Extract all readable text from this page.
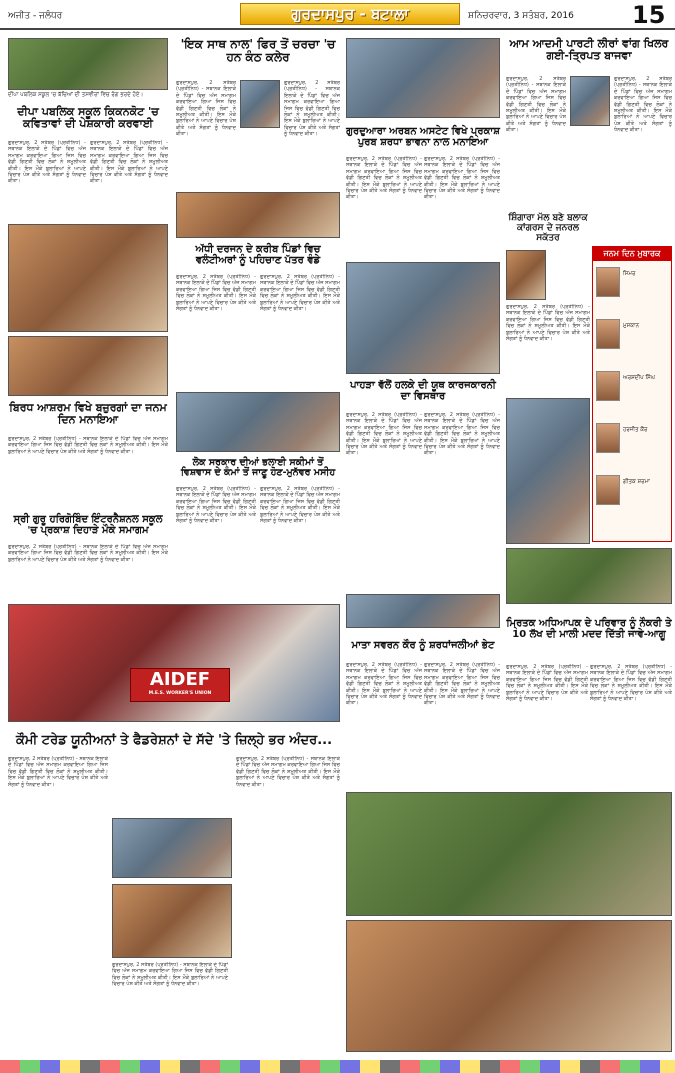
ਅਜੀਤ - ਜਲੰਧਰ	ਗੁਰਦਾਸਪੁਰ - ਬਟਾਲਾ	ਸ਼ਨਿਚਰਵਾਰ, 3 ਸਤੰਬਰ, 2016 15
ਦੀਪਾ ਪਬਲਿਕ ਸਕੂਲ 'ਚ ਬੱਚਿਆਂ ਦੀ ਤਸਵੀਰਾਂ ਵਿਚ ਰੰਗ ਭਰਦੇ ਹੋਏ।
ਦੀਪਾ ਪਬਲਿਕ ਸਕੂਲ ਕਿਕਨਕੋਟ 'ਚ ਕਵਿਤਾਵਾਂ ਦੀ ਪੇਸ਼ਕਾਰੀ ਕਰਵਾਈ
ਗੁਰਦਾਸਪੁਰ, 2 ਸਤੰਬਰ (ਪ੍ਰਤੀਨਿਧ) - ਸਥਾਨਕ ਇਲਾਕੇ ਦੇ ਪਿੰਡਾਂ ਵਿਚ ਅੱਜ ਸਮਾਗਮ ਕਰਵਾਇਆ ਗਿਆ ਜਿਸ ਵਿਚ ਵੱਡੀ ਗਿਣਤੀ ਵਿਚ ਲੋਕਾਂ ਨੇ ਸ਼ਮੂਲੀਅਤ ਕੀਤੀ। ਇਸ ਮੌਕੇ ਬੁਲਾਰਿਆਂ ਨੇ ਆਪਣੇ ਵਿਚਾਰ ਪੇਸ਼ ਕੀਤੇ ਅਤੇ ਸੰਗਤਾਂ ਨੂੰ ਧੰਨਵਾਦ ਕੀਤਾ।
ਗੁਰਦਾਸਪੁਰ, 2 ਸਤੰਬਰ (ਪ੍ਰਤੀਨਿਧ) - ਸਥਾਨਕ ਇਲਾਕੇ ਦੇ ਪਿੰਡਾਂ ਵਿਚ ਅੱਜ ਸਮਾਗਮ ਕਰਵਾਇਆ ਗਿਆ ਜਿਸ ਵਿਚ ਵੱਡੀ ਗਿਣਤੀ ਵਿਚ ਲੋਕਾਂ ਨੇ ਸ਼ਮੂਲੀਅਤ ਕੀਤੀ। ਇਸ ਮੌਕੇ ਬੁਲਾਰਿਆਂ ਨੇ ਆਪਣੇ ਵਿਚਾਰ ਪੇਸ਼ ਕੀਤੇ ਅਤੇ ਸੰਗਤਾਂ ਨੂੰ ਧੰਨਵਾਦ ਕੀਤਾ।
'ਇਕ ਸਾਥ ਨਾਲ' ਫਿਰ ਤੋਂ ਚਰਚਾ 'ਚ ਹਨ ਕੰਠ ਕਲੇਰ
ਗੁਰਦਾਸਪੁਰ, 2 ਸਤੰਬਰ (ਪ੍ਰਤੀਨਿਧ) - ਸਥਾਨਕ ਇਲਾਕੇ ਦੇ ਪਿੰਡਾਂ ਵਿਚ ਅੱਜ ਸਮਾਗਮ ਕਰਵਾਇਆ ਗਿਆ ਜਿਸ ਵਿਚ ਵੱਡੀ ਗਿਣਤੀ ਵਿਚ ਲੋਕਾਂ ਨੇ ਸ਼ਮੂਲੀਅਤ ਕੀਤੀ। ਇਸ ਮੌਕੇ ਬੁਲਾਰਿਆਂ ਨੇ ਆਪਣੇ ਵਿਚਾਰ ਪੇਸ਼ ਕੀਤੇ ਅਤੇ ਸੰਗਤਾਂ ਨੂੰ ਧੰਨਵਾਦ ਕੀਤਾ।
ਗੁਰਦਾਸਪੁਰ, 2 ਸਤੰਬਰ (ਪ੍ਰਤੀਨਿਧ) - ਸਥਾਨਕ ਇਲਾਕੇ ਦੇ ਪਿੰਡਾਂ ਵਿਚ ਅੱਜ ਸਮਾਗਮ ਕਰਵਾਇਆ ਗਿਆ ਜਿਸ ਵਿਚ ਵੱਡੀ ਗਿਣਤੀ ਵਿਚ ਲੋਕਾਂ ਨੇ ਸ਼ਮੂਲੀਅਤ ਕੀਤੀ। ਇਸ ਮੌਕੇ ਬੁਲਾਰਿਆਂ ਨੇ ਆਪਣੇ ਵਿਚਾਰ ਪੇਸ਼ ਕੀਤੇ ਅਤੇ ਸੰਗਤਾਂ ਨੂੰ ਧੰਨਵਾਦ ਕੀਤਾ।
ਅੱਧੀ ਦਰਜਨ ਦੇ ਕਰੀਬ ਪਿੰਡਾਂ ਵਿਚ ਵਲੰਟੀਅਰਾਂ ਨੂੰ ਪਹਿਚਾਣ ਪੱਤਰ ਵੰਡੇ
ਗੁਰਦਾਸਪੁਰ, 2 ਸਤੰਬਰ (ਪ੍ਰਤੀਨਿਧ) - ਸਥਾਨਕ ਇਲਾਕੇ ਦੇ ਪਿੰਡਾਂ ਵਿਚ ਅੱਜ ਸਮਾਗਮ ਕਰਵਾਇਆ ਗਿਆ ਜਿਸ ਵਿਚ ਵੱਡੀ ਗਿਣਤੀ ਵਿਚ ਲੋਕਾਂ ਨੇ ਸ਼ਮੂਲੀਅਤ ਕੀਤੀ। ਇਸ ਮੌਕੇ ਬੁਲਾਰਿਆਂ ਨੇ ਆਪਣੇ ਵਿਚਾਰ ਪੇਸ਼ ਕੀਤੇ ਅਤੇ ਸੰਗਤਾਂ ਨੂੰ ਧੰਨਵਾਦ ਕੀਤਾ।
ਗੁਰਦਾਸਪੁਰ, 2 ਸਤੰਬਰ (ਪ੍ਰਤੀਨਿਧ) - ਸਥਾਨਕ ਇਲਾਕੇ ਦੇ ਪਿੰਡਾਂ ਵਿਚ ਅੱਜ ਸਮਾਗਮ ਕਰਵਾਇਆ ਗਿਆ ਜਿਸ ਵਿਚ ਵੱਡੀ ਗਿਣਤੀ ਵਿਚ ਲੋਕਾਂ ਨੇ ਸ਼ਮੂਲੀਅਤ ਕੀਤੀ। ਇਸ ਮੌਕੇ ਬੁਲਾਰਿਆਂ ਨੇ ਆਪਣੇ ਵਿਚਾਰ ਪੇਸ਼ ਕੀਤੇ ਅਤੇ ਸੰਗਤਾਂ ਨੂੰ ਧੰਨਵਾਦ ਕੀਤਾ।
ਗੁਰਦੁਆਰਾ ਅਰਬਨ ਅਸਟੇਟ ਵਿਖੇ ਪ੍ਰਕਾਸ਼ ਪੁਰਬ ਸ਼ਰਧਾ ਭਾਵਨਾ ਨਾਲ ਮਨਾਇਆ
ਗੁਰਦਾਸਪੁਰ, 2 ਸਤੰਬਰ (ਪ੍ਰਤੀਨਿਧ) - ਸਥਾਨਕ ਇਲਾਕੇ ਦੇ ਪਿੰਡਾਂ ਵਿਚ ਅੱਜ ਸਮਾਗਮ ਕਰਵਾਇਆ ਗਿਆ ਜਿਸ ਵਿਚ ਵੱਡੀ ਗਿਣਤੀ ਵਿਚ ਲੋਕਾਂ ਨੇ ਸ਼ਮੂਲੀਅਤ ਕੀਤੀ। ਇਸ ਮੌਕੇ ਬੁਲਾਰਿਆਂ ਨੇ ਆਪਣੇ ਵਿਚਾਰ ਪੇਸ਼ ਕੀਤੇ ਅਤੇ ਸੰਗਤਾਂ ਨੂੰ ਧੰਨਵਾਦ ਕੀਤਾ।
ਗੁਰਦਾਸਪੁਰ, 2 ਸਤੰਬਰ (ਪ੍ਰਤੀਨਿਧ) - ਸਥਾਨਕ ਇਲਾਕੇ ਦੇ ਪਿੰਡਾਂ ਵਿਚ ਅੱਜ ਸਮਾਗਮ ਕਰਵਾਇਆ ਗਿਆ ਜਿਸ ਵਿਚ ਵੱਡੀ ਗਿਣਤੀ ਵਿਚ ਲੋਕਾਂ ਨੇ ਸ਼ਮੂਲੀਅਤ ਕੀਤੀ। ਇਸ ਮੌਕੇ ਬੁਲਾਰਿਆਂ ਨੇ ਆਪਣੇ ਵਿਚਾਰ ਪੇਸ਼ ਕੀਤੇ ਅਤੇ ਸੰਗਤਾਂ ਨੂੰ ਧੰਨਵਾਦ ਕੀਤਾ।
ਆਮ ਆਦਮੀ ਪਾਰਟੀ ਲੀਰਾਂ ਵਾਂਗ ਖਿਲਰ ਗਈ-ਤ੍ਰਿਪਤ ਬਾਜਵਾ
ਗੁਰਦਾਸਪੁਰ, 2 ਸਤੰਬਰ (ਪ੍ਰਤੀਨਿਧ) - ਸਥਾਨਕ ਇਲਾਕੇ ਦੇ ਪਿੰਡਾਂ ਵਿਚ ਅੱਜ ਸਮਾਗਮ ਕਰਵਾਇਆ ਗਿਆ ਜਿਸ ਵਿਚ ਵੱਡੀ ਗਿਣਤੀ ਵਿਚ ਲੋਕਾਂ ਨੇ ਸ਼ਮੂਲੀਅਤ ਕੀਤੀ। ਇਸ ਮੌਕੇ ਬੁਲਾਰਿਆਂ ਨੇ ਆਪਣੇ ਵਿਚਾਰ ਪੇਸ਼ ਕੀਤੇ ਅਤੇ ਸੰਗਤਾਂ ਨੂੰ ਧੰਨਵਾਦ ਕੀਤਾ।
ਗੁਰਦਾਸਪੁਰ, 2 ਸਤੰਬਰ (ਪ੍ਰਤੀਨਿਧ) - ਸਥਾਨਕ ਇਲਾਕੇ ਦੇ ਪਿੰਡਾਂ ਵਿਚ ਅੱਜ ਸਮਾਗਮ ਕਰਵਾਇਆ ਗਿਆ ਜਿਸ ਵਿਚ ਵੱਡੀ ਗਿਣਤੀ ਵਿਚ ਲੋਕਾਂ ਨੇ ਸ਼ਮੂਲੀਅਤ ਕੀਤੀ। ਇਸ ਮੌਕੇ ਬੁਲਾਰਿਆਂ ਨੇ ਆਪਣੇ ਵਿਚਾਰ ਪੇਸ਼ ਕੀਤੇ ਅਤੇ ਸੰਗਤਾਂ ਨੂੰ ਧੰਨਵਾਦ ਕੀਤਾ।
ਸ਼ਿੰਗਾਰਾ ਮੱਲ ਬਣੇ ਬਲਾਕ ਕਾਂਗਰਸ ਦੇ ਜਨਰਲ ਸਕੱਤਰ
ਗੁਰਦਾਸਪੁਰ, 2 ਸਤੰਬਰ (ਪ੍ਰਤੀਨਿਧ) - ਸਥਾਨਕ ਇਲਾਕੇ ਦੇ ਪਿੰਡਾਂ ਵਿਚ ਅੱਜ ਸਮਾਗਮ ਕਰਵਾਇਆ ਗਿਆ ਜਿਸ ਵਿਚ ਵੱਡੀ ਗਿਣਤੀ ਵਿਚ ਲੋਕਾਂ ਨੇ ਸ਼ਮੂਲੀਅਤ ਕੀਤੀ। ਇਸ ਮੌਕੇ ਬੁਲਾਰਿਆਂ ਨੇ ਆਪਣੇ ਵਿਚਾਰ ਪੇਸ਼ ਕੀਤੇ ਅਤੇ ਸੰਗਤਾਂ ਨੂੰ ਧੰਨਵਾਦ ਕੀਤਾ।
ਜਨਮ ਦਿਨ ਮੁਬਾਰਕ
ਸਿਮਰ
ਮੁਸਕਾਨ
ਅਰਸ਼ਦੀਪ ਸਿੰਘ
ਹਰਜੀਤ ਕੌਰ
ਗੀਤਕ ਸ਼ਰਮਾ
ਬਿਰਧ ਆਸ਼ਰਮ ਵਿਖੇ ਬਜ਼ੁਰਗਾਂ ਦਾ ਜਨਮ ਦਿਨ ਮਨਾਇਆ
ਗੁਰਦਾਸਪੁਰ, 2 ਸਤੰਬਰ (ਪ੍ਰਤੀਨਿਧ) - ਸਥਾਨਕ ਇਲਾਕੇ ਦੇ ਪਿੰਡਾਂ ਵਿਚ ਅੱਜ ਸਮਾਗਮ ਕਰਵਾਇਆ ਗਿਆ ਜਿਸ ਵਿਚ ਵੱਡੀ ਗਿਣਤੀ ਵਿਚ ਲੋਕਾਂ ਨੇ ਸ਼ਮੂਲੀਅਤ ਕੀਤੀ। ਇਸ ਮੌਕੇ ਬੁਲਾਰਿਆਂ ਨੇ ਆਪਣੇ ਵਿਚਾਰ ਪੇਸ਼ ਕੀਤੇ ਅਤੇ ਸੰਗਤਾਂ ਨੂੰ ਧੰਨਵਾਦ ਕੀਤਾ।
ਸ੍ਰੀ ਗੁਰੂ ਹਰਿਗੋਬਿੰਦ ਇੰਟਰਨੈਸ਼ਨਲ ਸਕੂਲ 'ਚ ਪ੍ਰਕਾਸ਼ ਦਿਹਾੜੇ ਮੌਕੇ ਸਮਾਗਮ
ਗੁਰਦਾਸਪੁਰ, 2 ਸਤੰਬਰ (ਪ੍ਰਤੀਨਿਧ) - ਸਥਾਨਕ ਇਲਾਕੇ ਦੇ ਪਿੰਡਾਂ ਵਿਚ ਅੱਜ ਸਮਾਗਮ ਕਰਵਾਇਆ ਗਿਆ ਜਿਸ ਵਿਚ ਵੱਡੀ ਗਿਣਤੀ ਵਿਚ ਲੋਕਾਂ ਨੇ ਸ਼ਮੂਲੀਅਤ ਕੀਤੀ। ਇਸ ਮੌਕੇ ਬੁਲਾਰਿਆਂ ਨੇ ਆਪਣੇ ਵਿਚਾਰ ਪੇਸ਼ ਕੀਤੇ ਅਤੇ ਸੰਗਤਾਂ ਨੂੰ ਧੰਨਵਾਦ ਕੀਤਾ।
ਲੋਕ ਸਰਕਾਰ ਦੀਆਂ ਭਲਾਈ ਸਕੀਮਾਂ ਤੋਂ ਵਿਸ਼ਵਾਸ ਦੇ ਕੰਮਾਂ ਤੋਂ ਜਾਣੂ ਹੋਣ-ਮੁਨੱਵਰ ਮਸੀਹ
ਗੁਰਦਾਸਪੁਰ, 2 ਸਤੰਬਰ (ਪ੍ਰਤੀਨਿਧ) - ਸਥਾਨਕ ਇਲਾਕੇ ਦੇ ਪਿੰਡਾਂ ਵਿਚ ਅੱਜ ਸਮਾਗਮ ਕਰਵਾਇਆ ਗਿਆ ਜਿਸ ਵਿਚ ਵੱਡੀ ਗਿਣਤੀ ਵਿਚ ਲੋਕਾਂ ਨੇ ਸ਼ਮੂਲੀਅਤ ਕੀਤੀ। ਇਸ ਮੌਕੇ ਬੁਲਾਰਿਆਂ ਨੇ ਆਪਣੇ ਵਿਚਾਰ ਪੇਸ਼ ਕੀਤੇ ਅਤੇ ਸੰਗਤਾਂ ਨੂੰ ਧੰਨਵਾਦ ਕੀਤਾ।
ਗੁਰਦਾਸਪੁਰ, 2 ਸਤੰਬਰ (ਪ੍ਰਤੀਨਿਧ) - ਸਥਾਨਕ ਇਲਾਕੇ ਦੇ ਪਿੰਡਾਂ ਵਿਚ ਅੱਜ ਸਮਾਗਮ ਕਰਵਾਇਆ ਗਿਆ ਜਿਸ ਵਿਚ ਵੱਡੀ ਗਿਣਤੀ ਵਿਚ ਲੋਕਾਂ ਨੇ ਸ਼ਮੂਲੀਅਤ ਕੀਤੀ। ਇਸ ਮੌਕੇ ਬੁਲਾਰਿਆਂ ਨੇ ਆਪਣੇ ਵਿਚਾਰ ਪੇਸ਼ ਕੀਤੇ ਅਤੇ ਸੰਗਤਾਂ ਨੂੰ ਧੰਨਵਾਦ ਕੀਤਾ।
ਪਾਹੜਾ ਵੱਲੋਂ ਹਲਕੇ ਦੀ ਯੂਥ ਕਾਰਜਕਾਰਨੀ ਦਾ ਵਿਸਥਾਰ
ਗੁਰਦਾਸਪੁਰ, 2 ਸਤੰਬਰ (ਪ੍ਰਤੀਨਿਧ) - ਸਥਾਨਕ ਇਲਾਕੇ ਦੇ ਪਿੰਡਾਂ ਵਿਚ ਅੱਜ ਸਮਾਗਮ ਕਰਵਾਇਆ ਗਿਆ ਜਿਸ ਵਿਚ ਵੱਡੀ ਗਿਣਤੀ ਵਿਚ ਲੋਕਾਂ ਨੇ ਸ਼ਮੂਲੀਅਤ ਕੀਤੀ। ਇਸ ਮੌਕੇ ਬੁਲਾਰਿਆਂ ਨੇ ਆਪਣੇ ਵਿਚਾਰ ਪੇਸ਼ ਕੀਤੇ ਅਤੇ ਸੰਗਤਾਂ ਨੂੰ ਧੰਨਵਾਦ ਕੀਤਾ।
ਗੁਰਦਾਸਪੁਰ, 2 ਸਤੰਬਰ (ਪ੍ਰਤੀਨਿਧ) - ਸਥਾਨਕ ਇਲਾਕੇ ਦੇ ਪਿੰਡਾਂ ਵਿਚ ਅੱਜ ਸਮਾਗਮ ਕਰਵਾਇਆ ਗਿਆ ਜਿਸ ਵਿਚ ਵੱਡੀ ਗਿਣਤੀ ਵਿਚ ਲੋਕਾਂ ਨੇ ਸ਼ਮੂਲੀਅਤ ਕੀਤੀ। ਇਸ ਮੌਕੇ ਬੁਲਾਰਿਆਂ ਨੇ ਆਪਣੇ ਵਿਚਾਰ ਪੇਸ਼ ਕੀਤੇ ਅਤੇ ਸੰਗਤਾਂ ਨੂੰ ਧੰਨਵਾਦ ਕੀਤਾ।
AIDEF
M.E.S. WORKER'S UNION
ਕੌਮੀ ਟਰੇਡ ਯੂਨੀਅਨਾਂ ਤੇ ਫੈਡਰੇਸ਼ਨਾਂ ਦੇ ਸੱਦੇ 'ਤੇ ਜ਼ਿਲ੍ਹੇ ਭਰ ਅੰਦਰ...
ਗੁਰਦਾਸਪੁਰ, 2 ਸਤੰਬਰ (ਪ੍ਰਤੀਨਿਧ) - ਸਥਾਨਕ ਇਲਾਕੇ ਦੇ ਪਿੰਡਾਂ ਵਿਚ ਅੱਜ ਸਮਾਗਮ ਕਰਵਾਇਆ ਗਿਆ ਜਿਸ ਵਿਚ ਵੱਡੀ ਗਿਣਤੀ ਵਿਚ ਲੋਕਾਂ ਨੇ ਸ਼ਮੂਲੀਅਤ ਕੀਤੀ। ਇਸ ਮੌਕੇ ਬੁਲਾਰਿਆਂ ਨੇ ਆਪਣੇ ਵਿਚਾਰ ਪੇਸ਼ ਕੀਤੇ ਅਤੇ ਸੰਗਤਾਂ ਨੂੰ ਧੰਨਵਾਦ ਕੀਤਾ।
ਗੁਰਦਾਸਪੁਰ, 2 ਸਤੰਬਰ (ਪ੍ਰਤੀਨਿਧ) - ਸਥਾਨਕ ਇਲਾਕੇ ਦੇ ਪਿੰਡਾਂ ਵਿਚ ਅੱਜ ਸਮਾਗਮ ਕਰਵਾਇਆ ਗਿਆ ਜਿਸ ਵਿਚ ਵੱਡੀ ਗਿਣਤੀ ਵਿਚ ਲੋਕਾਂ ਨੇ ਸ਼ਮੂਲੀਅਤ ਕੀਤੀ। ਇਸ ਮੌਕੇ ਬੁਲਾਰਿਆਂ ਨੇ ਆਪਣੇ ਵਿਚਾਰ ਪੇਸ਼ ਕੀਤੇ ਅਤੇ ਸੰਗਤਾਂ ਨੂੰ ਧੰਨਵਾਦ ਕੀਤਾ।
ਗੁਰਦਾਸਪੁਰ, 2 ਸਤੰਬਰ (ਪ੍ਰਤੀਨਿਧ) - ਸਥਾਨਕ ਇਲਾਕੇ ਦੇ ਪਿੰਡਾਂ ਵਿਚ ਅੱਜ ਸਮਾਗਮ ਕਰਵਾਇਆ ਗਿਆ ਜਿਸ ਵਿਚ ਵੱਡੀ ਗਿਣਤੀ ਵਿਚ ਲੋਕਾਂ ਨੇ ਸ਼ਮੂਲੀਅਤ ਕੀਤੀ। ਇਸ ਮੌਕੇ ਬੁਲਾਰਿਆਂ ਨੇ ਆਪਣੇ ਵਿਚਾਰ ਪੇਸ਼ ਕੀਤੇ ਅਤੇ ਸੰਗਤਾਂ ਨੂੰ ਧੰਨਵਾਦ ਕੀਤਾ।
ਮਾਤਾ ਸਵਰਨ ਕੌਰ ਨੂੰ ਸ਼ਰਧਾਂਜਲੀਆਂ ਭੇਟ
ਗੁਰਦਾਸਪੁਰ, 2 ਸਤੰਬਰ (ਪ੍ਰਤੀਨਿਧ) - ਸਥਾਨਕ ਇਲਾਕੇ ਦੇ ਪਿੰਡਾਂ ਵਿਚ ਅੱਜ ਸਮਾਗਮ ਕਰਵਾਇਆ ਗਿਆ ਜਿਸ ਵਿਚ ਵੱਡੀ ਗਿਣਤੀ ਵਿਚ ਲੋਕਾਂ ਨੇ ਸ਼ਮੂਲੀਅਤ ਕੀਤੀ। ਇਸ ਮੌਕੇ ਬੁਲਾਰਿਆਂ ਨੇ ਆਪਣੇ ਵਿਚਾਰ ਪੇਸ਼ ਕੀਤੇ ਅਤੇ ਸੰਗਤਾਂ ਨੂੰ ਧੰਨਵਾਦ ਕੀਤਾ।
ਗੁਰਦਾਸਪੁਰ, 2 ਸਤੰਬਰ (ਪ੍ਰਤੀਨਿਧ) - ਸਥਾਨਕ ਇਲਾਕੇ ਦੇ ਪਿੰਡਾਂ ਵਿਚ ਅੱਜ ਸਮਾਗਮ ਕਰਵਾਇਆ ਗਿਆ ਜਿਸ ਵਿਚ ਵੱਡੀ ਗਿਣਤੀ ਵਿਚ ਲੋਕਾਂ ਨੇ ਸ਼ਮੂਲੀਅਤ ਕੀਤੀ। ਇਸ ਮੌਕੇ ਬੁਲਾਰਿਆਂ ਨੇ ਆਪਣੇ ਵਿਚਾਰ ਪੇਸ਼ ਕੀਤੇ ਅਤੇ ਸੰਗਤਾਂ ਨੂੰ ਧੰਨਵਾਦ ਕੀਤਾ।
ਮ੍ਰਿਤਕ ਅਧਿਆਪਕ ਦੇ ਪਰਿਵਾਰ ਨੂੰ ਨੌਕਰੀ ਤੇ 10 ਲੱਖ ਦੀ ਮਾਲੀ ਮਦਦ ਦਿੱਤੀ ਜਾਵੇ-ਆਗੂ
ਗੁਰਦਾਸਪੁਰ, 2 ਸਤੰਬਰ (ਪ੍ਰਤੀਨਿਧ) - ਸਥਾਨਕ ਇਲਾਕੇ ਦੇ ਪਿੰਡਾਂ ਵਿਚ ਅੱਜ ਸਮਾਗਮ ਕਰਵਾਇਆ ਗਿਆ ਜਿਸ ਵਿਚ ਵੱਡੀ ਗਿਣਤੀ ਵਿਚ ਲੋਕਾਂ ਨੇ ਸ਼ਮੂਲੀਅਤ ਕੀਤੀ। ਇਸ ਮੌਕੇ ਬੁਲਾਰਿਆਂ ਨੇ ਆਪਣੇ ਵਿਚਾਰ ਪੇਸ਼ ਕੀਤੇ ਅਤੇ ਸੰਗਤਾਂ ਨੂੰ ਧੰਨਵਾਦ ਕੀਤਾ।
ਗੁਰਦਾਸਪੁਰ, 2 ਸਤੰਬਰ (ਪ੍ਰਤੀਨਿਧ) - ਸਥਾਨਕ ਇਲਾਕੇ ਦੇ ਪਿੰਡਾਂ ਵਿਚ ਅੱਜ ਸਮਾਗਮ ਕਰਵਾਇਆ ਗਿਆ ਜਿਸ ਵਿਚ ਵੱਡੀ ਗਿਣਤੀ ਵਿਚ ਲੋਕਾਂ ਨੇ ਸ਼ਮੂਲੀਅਤ ਕੀਤੀ। ਇਸ ਮੌਕੇ ਬੁਲਾਰਿਆਂ ਨੇ ਆਪਣੇ ਵਿਚਾਰ ਪੇਸ਼ ਕੀਤੇ ਅਤੇ ਸੰਗਤਾਂ ਨੂੰ ਧੰਨਵਾਦ ਕੀਤਾ।
